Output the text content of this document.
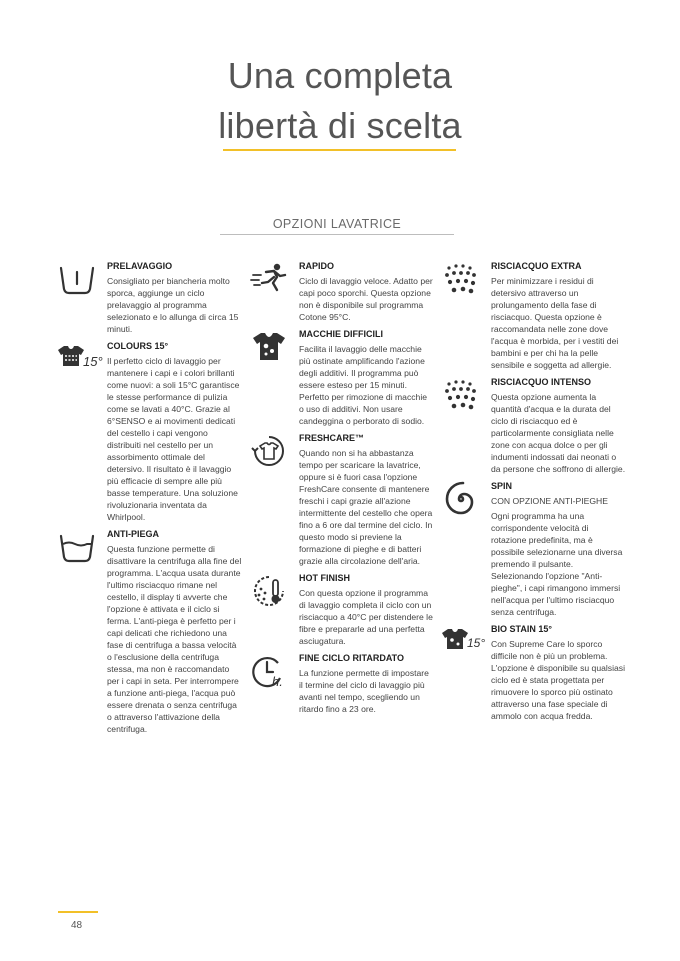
Una completa
libertà di scelta
OPZIONI LAVATRICE
PRELAVAGGIO
Consigliato per biancheria molto sporca, aggiunge un ciclo prelavaggio al programma selezionato e lo allunga di circa 15 minuti.
15°
COLOURS 15°
Il perfetto ciclo di lavaggio per mantenere i capi e i colori brillanti come nuovi: a soli 15°C garantisce le stesse performance di pulizia come se lavati a 40°C. Grazie al 6°SENSO e ai movimenti dedicati del cestello i capi vengono distribuiti nel cestello per un assorbimento ottimale del detersivo. Il risultato è il lavaggio più efficacie di sempre alle più basse temperature. Una soluzione rivoluzionaria inventata da Whirlpool.
ANTI-PIEGA
Questa funzione permette di disattivare la centrifuga alla fine del programma. L'acqua usata durante l'ultimo risciacquo rimane nel cestello, il display ti avverte che l'opzione è attivata e il ciclo si ferma. L'anti-piega è perfetto per i capi delicati che richiedono una fase di centrifuga a bassa velocità o l'esclusione della centrifuga stessa, ma non è raccomandato per i capi in seta. Per interrompere a funzione anti-piega, l'acqua può essere drenata o senza centrifuga o attraverso l'attivazione della centrifuga.
RAPIDO
Ciclo di lavaggio veloce. Adatto per capi poco sporchi. Questa opzione non è disponibile sul programma Cotone 95°C.
MACCHIE DIFFICILI
Facilita il lavaggio delle macchie più ostinate amplificando l'azione degli additivi. Il programma può essere esteso per 15 minuti. Perfetto per rimozione di macchie o uso di additivi. Non usare candeggina o perborato di sodio.
FRESHCARE™
Quando non si ha abbastanza tempo per scaricare la lavatrice, oppure si è fuori casa l'opzione FreshCare consente di mantenere freschi i capi grazie all'azione intermittente del cestello che opera fino a 6 ore dal termine del ciclo. In questo modo si previene la formazione di pieghe e di batteri grazie alla circolazione dell'aria.
HOT FINISH
Con questa opzione il programma di lavaggio completa il ciclo con un risciacquo a 40°C per distendere le fibre e prepararle ad una perfetta asciugatura.
h.
FINE CICLO RITARDATO
La funzione permette di impostare il termine del ciclo di lavaggio più avanti nel tempo, scegliendo un ritardo fino a 23 ore.
RISCIACQUO EXTRA
Per minimizzare i residui di detersivo attraverso un prolungamento della fase di risciacquo. Questa opzione è raccomandata nelle zone dove l'acqua è morbida, per i vestiti dei bambini e per chi ha la pelle sensibile e soggetta ad allergie.
RISCIACQUO INTENSO
Questa opzione aumenta la quantità d'acqua e la durata del ciclo di risciacquo ed è particolarmente consigliata nelle zone con acqua dolce o per gli indumenti indossati dai neonati o da persone che soffrono di allergie.
SPIN
CON OPZIONE ANTI-PIEGHE
Ogni programma ha una corrispondente velocità di rotazione predefinita, ma è possibile selezionarne una diversa premendo il pulsante. Selezionando l'opzione "Anti-pieghe", i capi rimangono immersi nell'acqua per l'ultimo risciacquo senza centrifuga.
15°
BIO STAIN 15°
Con Supreme Care lo sporco difficile non è più un problema. L'opzione è disponibile su qualsiasi ciclo ed è stata progettata per rimuovere lo sporco più ostinato attraverso una fase speciale di ammolo con acqua fredda.
48
